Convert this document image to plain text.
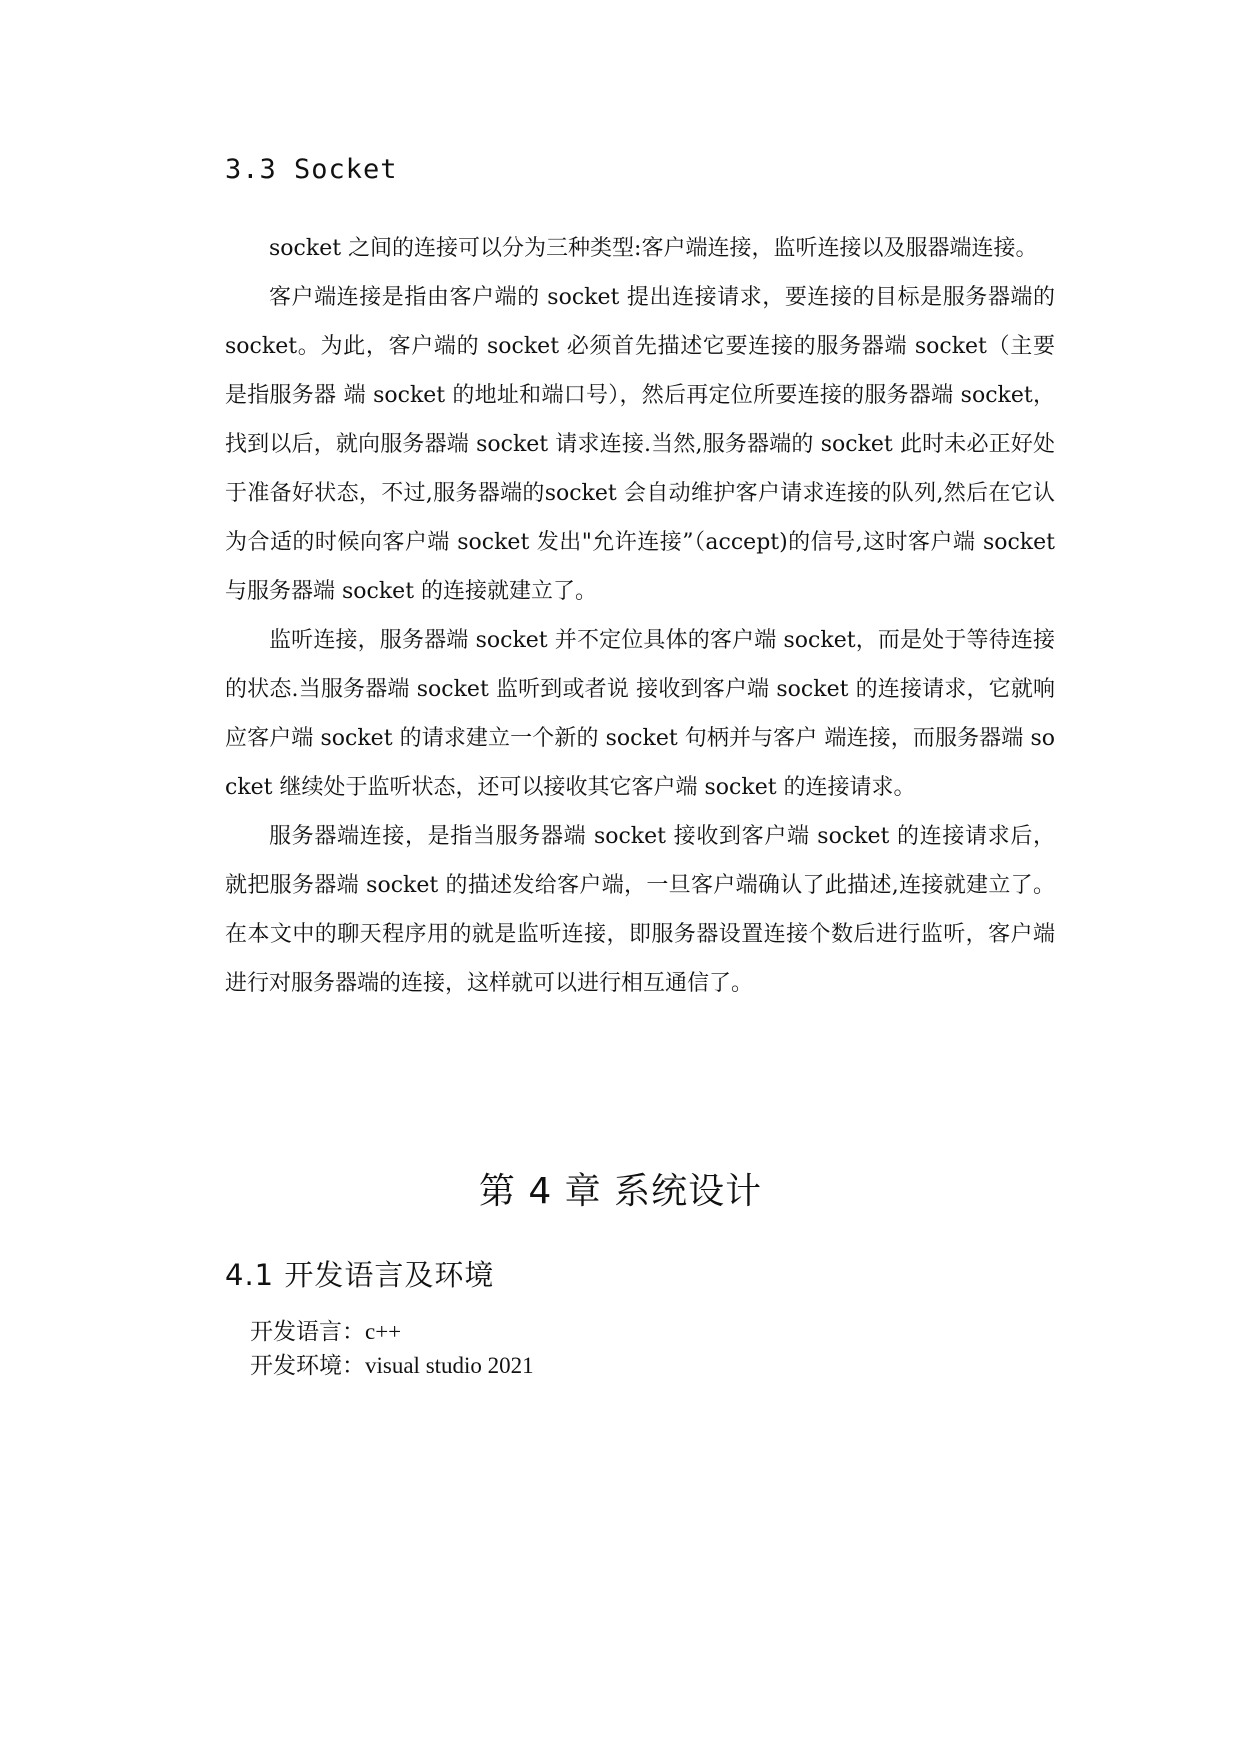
3.3 Socket

socket 之间的连接可以分为三种类型:客户端连接，监听连接以及服器端连接。

客户端连接是指由客户端的 socket 提出连接请求，要连接的目标是服务器端的 socket。为此，客户端的 socket 必须首先描述它要连接的服务器端 socket（主要是指服务器 端 socket 的地址和端口号），然后再定位所要连接的服务器端 socket，找到以后，就向服务器端 socket 请求连接.当然,服务器端的 socket 此时未必正好处于准备好状态，不过,服务器端的socket 会自动维护客户请求连接的队列,然后在它认为合适的时候向客户端 socket 发出"允许连接”（accept)的信号,这时客户端 socket 与服务器端 socket 的连接就建立了。

监听连接，服务器端 socket 并不定位具体的客户端 socket，而是处于等待连接的状态.当服务器端 socket 监听到或者说 接收到客户端 socket 的连接请求，它就响应客户端 socket 的请求建立一个新的 socket 句柄并与客户 端连接，而服务器端 socket 继续处于监听状态，还可以接收其它客户端 socket 的连接请求。

服务器端连接，是指当服务器端 socket 接收到客户端 socket 的连接请求后，就把服务器端 socket 的描述发给客户端，一旦客户端确认了此描述,连接就建立了。在本文中的聊天程序用的就是监听连接，即服务器设置连接个数后进行监听，客户端进行对服务器端的连接，这样就可以进行相互通信了。

第 4 章 系统设计
4.1 开发语言及环境
开发语言：c++
开发环境：visual studio 2021
